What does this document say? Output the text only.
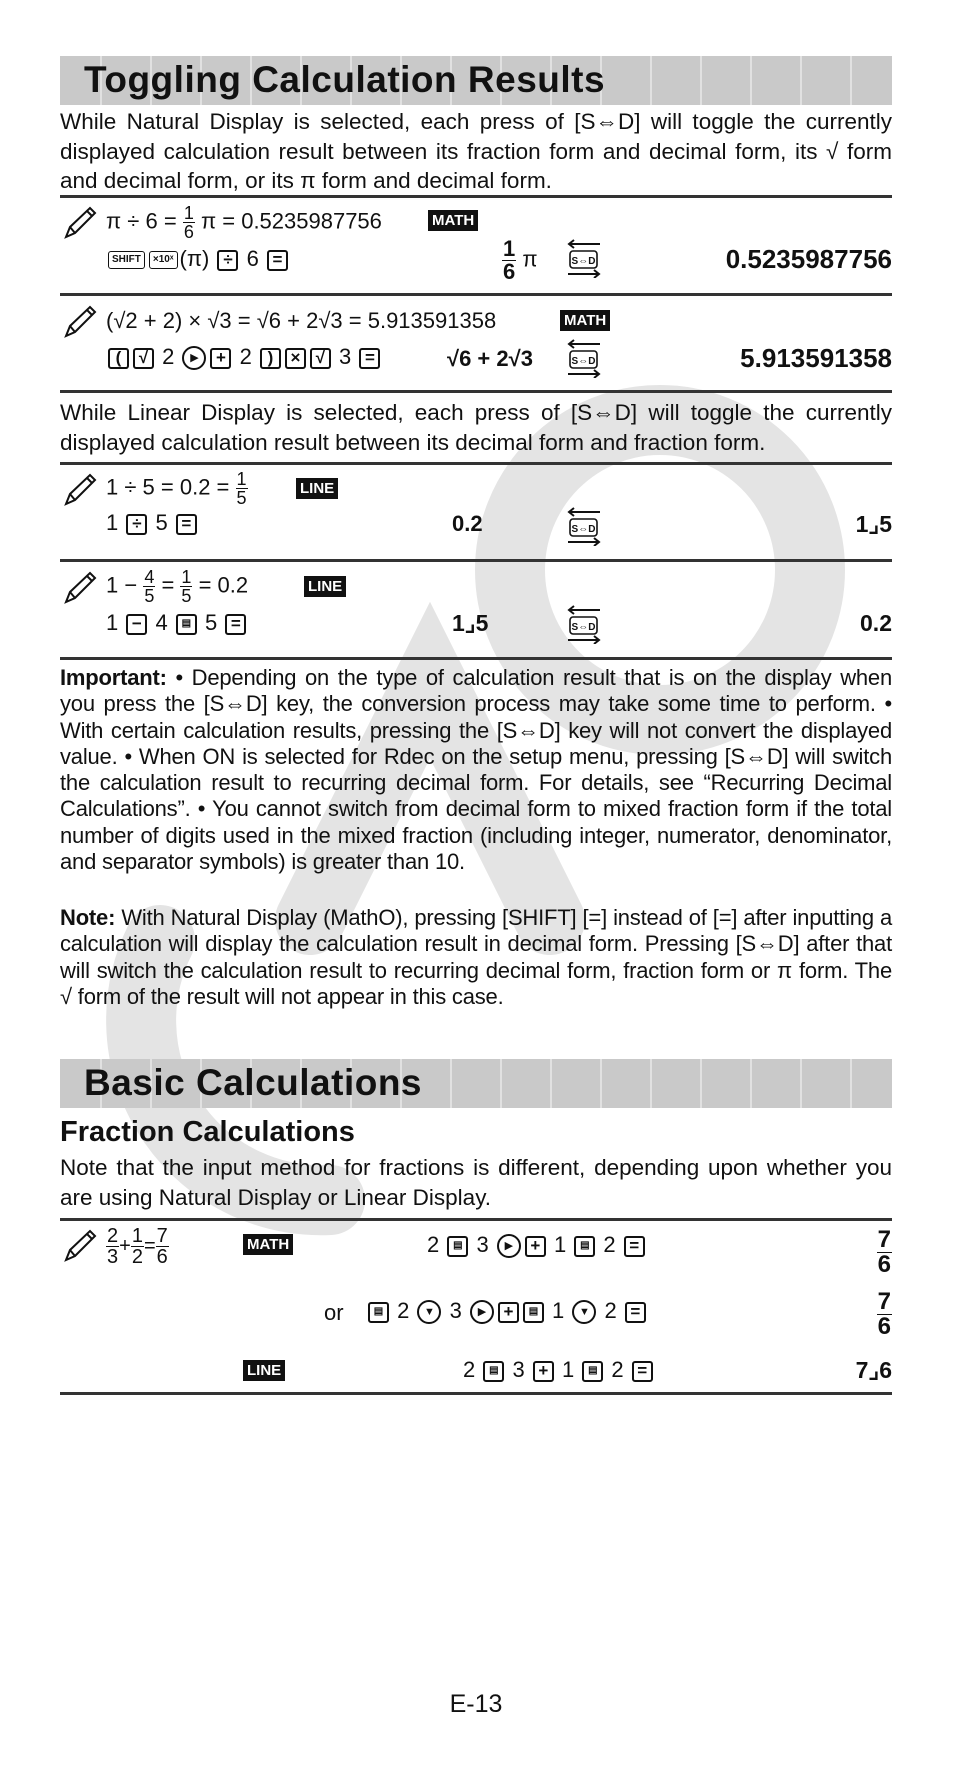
Toggling Calculation Results

While Natural Display is selected, each press of [S⇔D] will toggle the currently displayed calculation result between its fraction form and decimal form, its √ form and decimal form, or its π form and decimal form.

$\pi \div 6 = \frac{1}{6}$ π = 0.5235987756	MATH
SHIFT ×10ˣ (π) ÷ 6 =	$\frac{1}{6}$ π	S⇔D	0.5235987756
(√2 + 2) × √3 = √6 + 2√3 = 5.913591358	MATH
( √ 2 ▶ + 2 ) × √ 3 =	√6 + 2√3	S⇔D	5.913591358

While Linear Display is selected, each press of [S⇔D] will toggle the currently displayed calculation result between its decimal form and fraction form.

$1 \div 5 = 0.2 = \frac{1}{5}$	LINE
1 ÷ 5 =	0.2	S⇔D	1⌟5
$1 - \frac{4}{5} = \frac{1}{5} = 0.2$	LINE
1 − 4 ▤ 5 =	1⌟5	S⇔D	0.2

Important: • Depending on the type of calculation result that is on the display when you press the [S⇔D] key, the conversion process may take some time to perform. • With certain calculation results, pressing the [S⇔D] key will not convert the displayed value. • When ON is selected for Rdec on the setup menu, pressing [S⇔D] will switch the calculation result to recurring decimal form. For details, see “Recurring Decimal Calculations”. • You cannot switch from decimal form to mixed fraction form if the total number of digits used in the mixed fraction (including integer, numerator, denominator, and separator symbols) is greater than 10.

Note: With Natural Display (MathO), pressing [SHIFT] [=] instead of [=] after inputting a calculation will display the calculation result in decimal form. Pressing [S⇔D] after that will switch the calculation result to recurring decimal form, fraction form or π form. The √ form of the result will not appear in this case.

Basic Calculations
Fraction Calculations

Note that the input method for fractions is different, depending upon whether you are using Natural Display or Linear Display.

$\frac{2}{3} + \frac{1}{2} = \frac{7}{6}$	MATH	2 ▤ 3 ▶ + 1 ▤ 2 =	$\frac{7}{6}$
or	▤ 2 ▼ 3 ▶ + ▤ 1 ▼ 2 =	$\frac{7}{6}$
LINE	2 ▤ 3 + 1 ▤ 2 =	7⌟6
E-13
